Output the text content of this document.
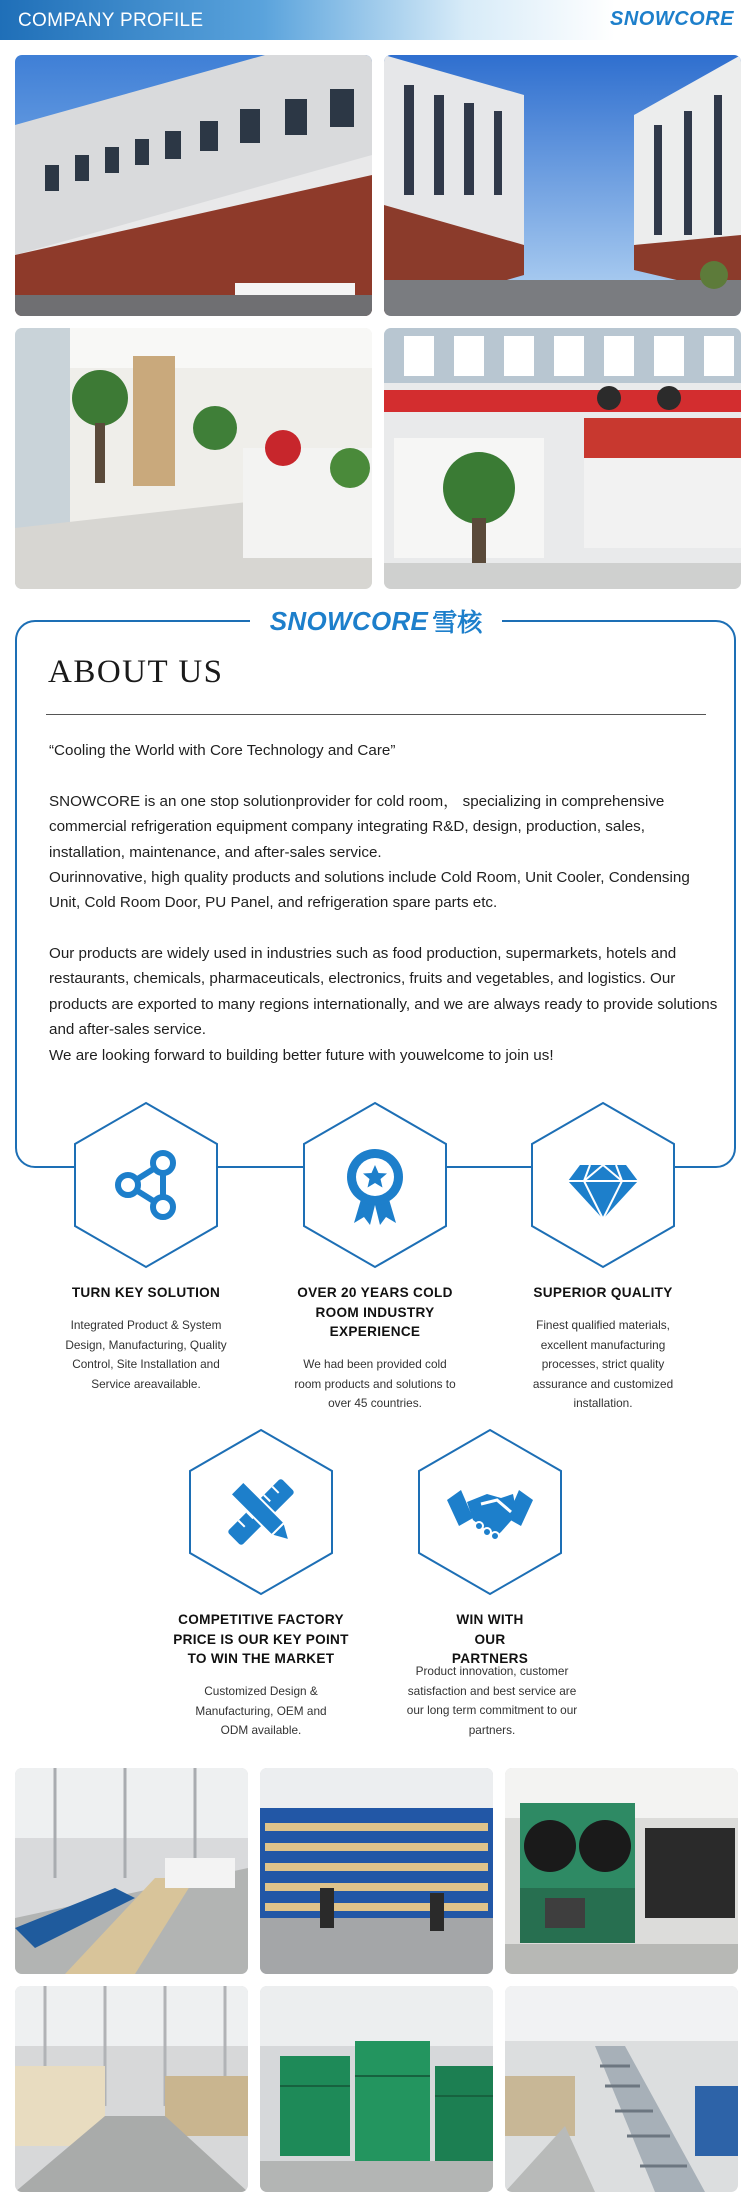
COMPANY PROFILE	SNOWCORE
SNOWCORE 雪核
ABOUT US
“Cooling the World with Core Technology and Care”
SNOWCORE is an one stop solutionprovider for cold room， specializing in comprehensive commercial refrigeration equipment company integrating R&D, design, production, sales, installation, maintenance, and after-sales service.
Ourinnovative, high quality products and solutions include Cold Room, Unit Cooler, Condensing Unit, Cold Room Door, PU Panel, and refrigeration spare parts etc.
Our products are widely used in industries such as food production, supermarkets, hotels and restaurants, chemicals, pharmaceuticals, electronics, fruits and vegetables, and logistics. Our products are exported to many regions internationally, and we are always ready to provide solutions and after-sales service.
We are looking forward to building better future with youwelcome to join us!
TURN KEY SOLUTION
Integrated Product & System Design, Manufacturing, Quality Control, Site Installation and Service areavailable.
OVER 20 YEARS COLD ROOM INDUSTRY EXPERIENCE
We had been provided cold room products and solutions to over 45 countries.
SUPERIOR QUALITY
Finest qualified materials, excellent manufacturing processes, strict quality assurance and customized installation.
COMPETITIVE FACTORY PRICE IS OUR KEY POINT TO WIN THE MARKET
Customized Design & Manufacturing, OEM and ODM available.
WIN WITH OUR PARTNERS
Product innovation, customer satisfaction and best service are our long term commitment to our partners.
